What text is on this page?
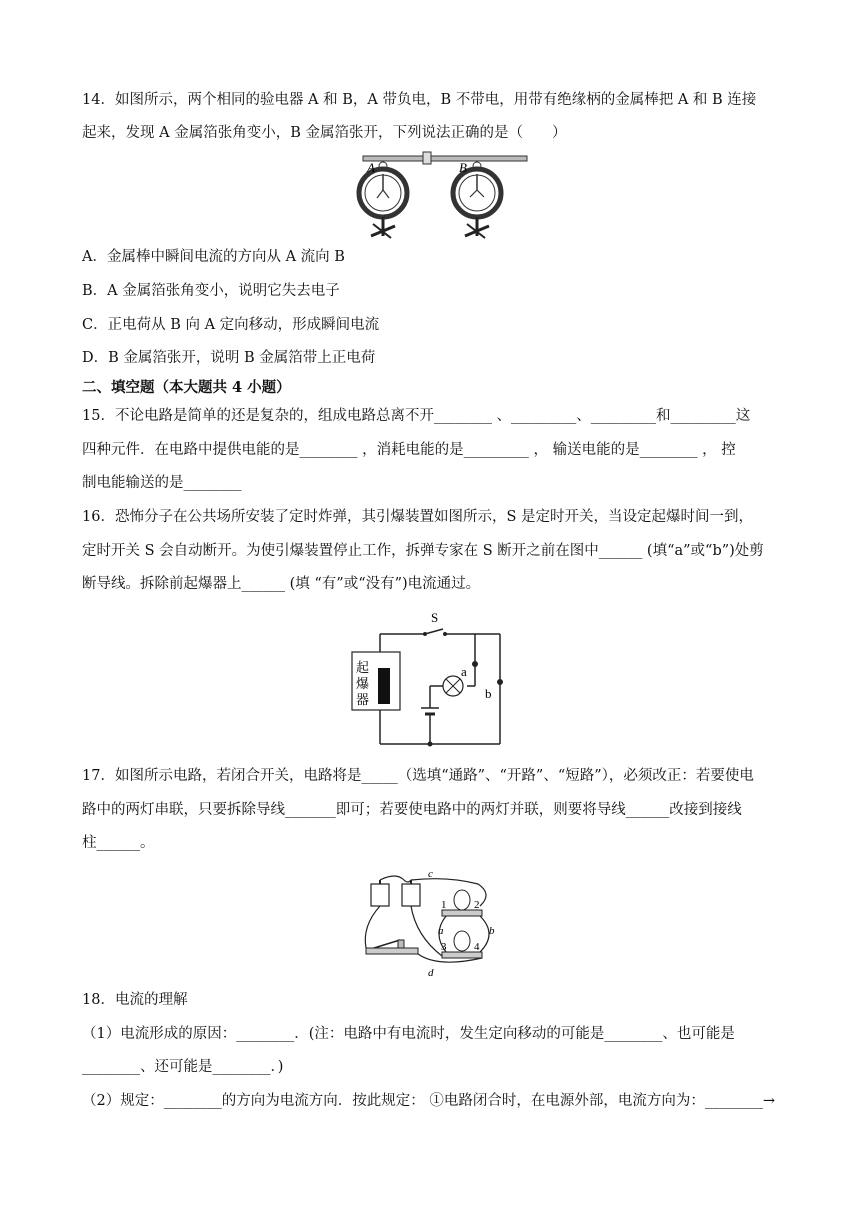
14．如图所示，两个相同的验电器 A 和 B，A 带负电，B 不带电，用带有绝缘柄的金属棒把 A 和 B 连接
起来，发现 A 金属箔张角变小，B 金属箔张开，下列说法正确的是（　　）
A	B
A．金属棒中瞬间电流的方向从 A 流向 B
B．A 金属箔张角变小，说明它失去电子
C．正电荷从 B 向 A 定向移动，形成瞬间电流
D．B 金属箔张开，说明 B 金属箔带上正电荷
二、填空题（本大题共 4 小题）
15．不论电路是简单的还是复杂的，组成电路总离不开________ 、_________、_________和_________这
四种元件．在电路中提供电能的是________ ，消耗电能的是_________ ， 输送电能的是________ ， 控
制电能输送的是________
16．恐怖分子在公共场所安装了定时炸弹，其引爆装置如图所示，S 是定时开关，当设定起爆时间一到，
定时开关 S 会自动断开。为使引爆装置停止工作，拆弹专家在 S 断开之前在图中______ (填“a”或“b”)处剪
断导线。拆除前起爆器上______ (填 “有”或“没有”)电流通过。
S
起
爆
器
a
b
17．如图所示电路，若闭合开关，电路将是_____（选填“通路”、“开路”、“短路”），必须改正：若要使电
路中的两灯串联，只要拆除导线_______即可；若要使电路中的两灯并联，则要将导线______改接到接线
柱______。
c
1	2
3	4
a	b
d
18．电流的理解
（1）电流形成的原因：________．(注：电路中有电流时，发生定向移动的可能是________、也可能是
________、还可能是________．)
（2）规定：________的方向为电流方向．按此规定： ①电路闭合时，在电源外部，电流方向为：________→
